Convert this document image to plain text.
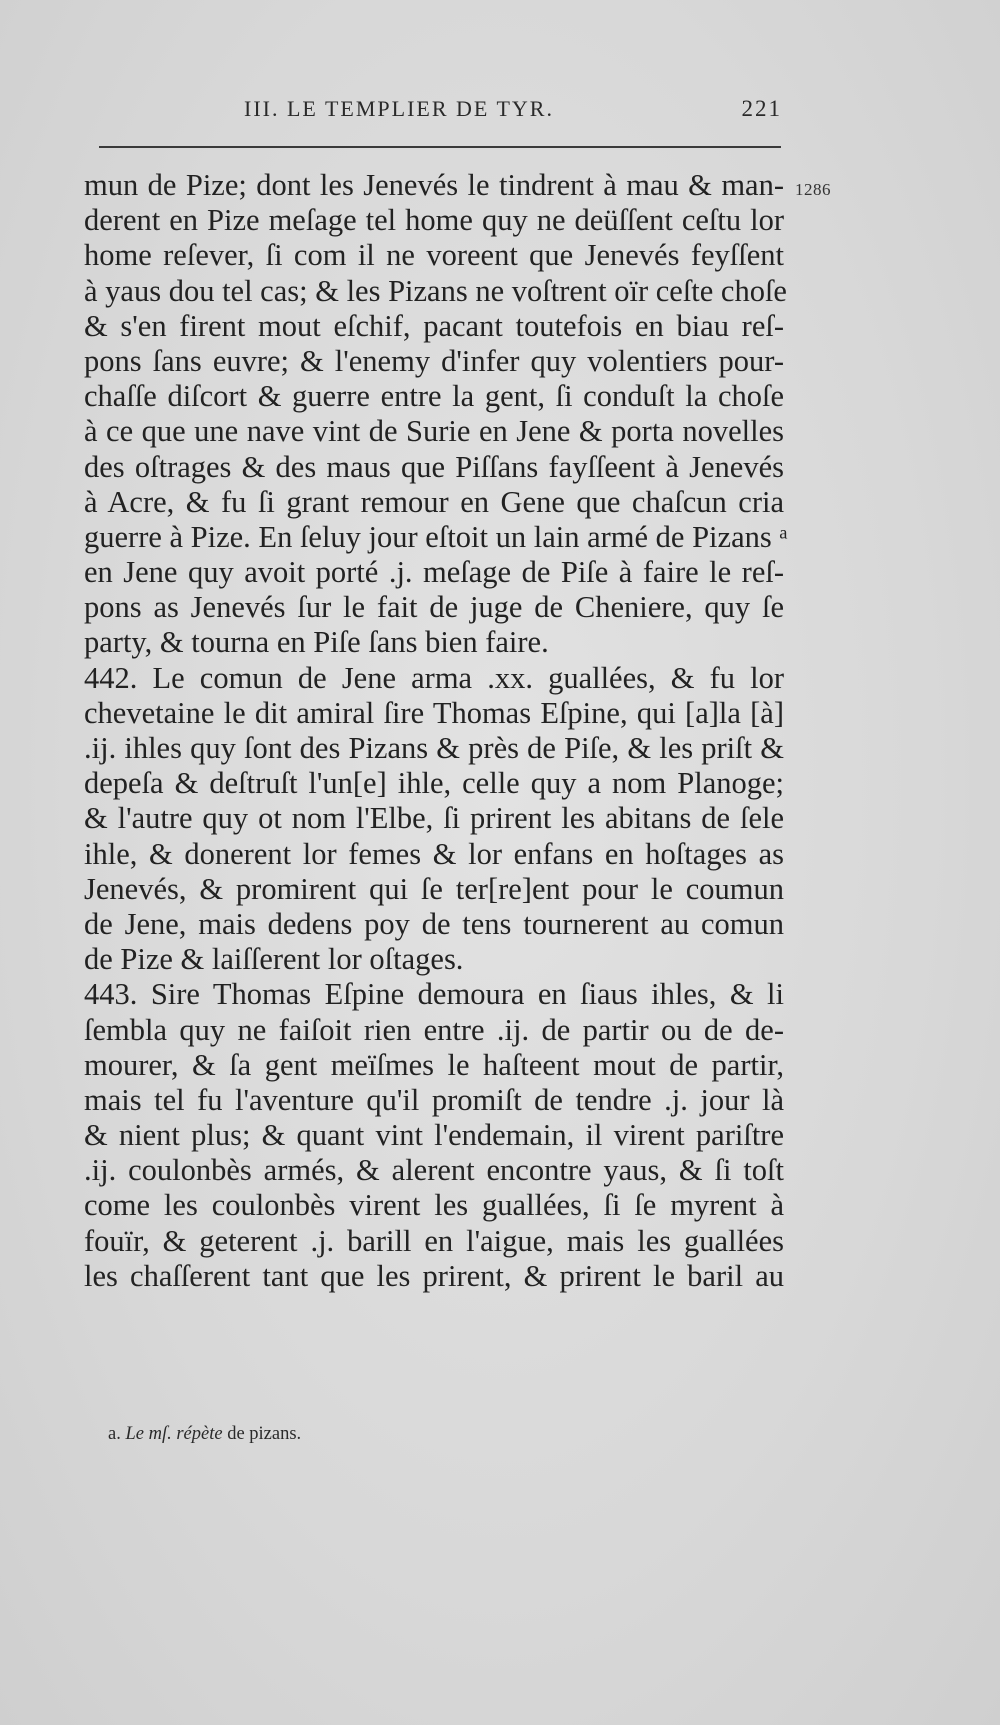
III. LE TEMPLIER DE TYR.	221
1286
mun de Pize; dont les Jenevés le tindrent à mau & man-
derent en Pize meſage tel home quy ne deüſſent ceſtu lor
home reſever, ſi com il ne voreent que Jenevés feyſſent
à yaus dou tel cas; & les Pizans ne voſtrent oïr ceſte choſe
& s'en firent mout eſchif, pacant toutefois en biau reſ-
pons ſans euvre; & l'enemy d'infer quy volentiers pour-
chaſſe diſcort & guerre entre la gent, ſi conduſt la choſe
à ce que une nave vint de Surie en Jene & porta novelles
des oſtrages & des maus que Piſſans fayſſeent à Jenevés
à Acre, & fu ſi grant remour en Gene que chaſcun cria
guerre à Pize. En ſeluy jour eſtoit un lain armé de Pizans ᵃ
en Jene quy avoit porté .j. meſage de Piſe à faire le reſ-
pons as Jenevés ſur le fait de juge de Cheniere, quy ſe
party, & tourna en Piſe ſans bien faire.
442. Le comun de Jene arma .xx. guallées, & fu lor
chevetaine le dit amiral ſire Thomas Eſpine, qui [a]la [à]
.ij. ihles quy ſont des Pizans & près de Piſe, & les priſt &
depeſa & deſtruſt l'un[e] ihle, celle quy a nom Planoge;
& l'autre quy ot nom l'Elbe, ſi prirent les abitans de ſele
ihle, & donerent lor femes & lor enfans en hoſtages as
Jenevés, & promirent qui ſe ter[re]ent pour le coumun
de Jene, mais dedens poy de tens tournerent au comun
de Pize & laiſſerent lor oſtages.
443. Sire Thomas Eſpine demoura en ſiaus ihles, & li
ſembla quy ne faiſoit rien entre .ij. de partir ou de de-
mourer, & ſa gent meïſmes le haſteent mout de partir,
mais tel fu l'aventure qu'il promiſt de tendre .j. jour là
& nient plus; & quant vint l'endemain, il virent pariſtre
.ij. coulonbès armés, & alerent encontre yaus, & ſi toſt
come les coulonbès virent les guallées, ſi ſe myrent à
fouïr, & geterent .j. barill en l'aigue, mais les guallées
les chaſſerent tant que les prirent, & prirent le baril au
a. Le mſ. répète de pizans.
